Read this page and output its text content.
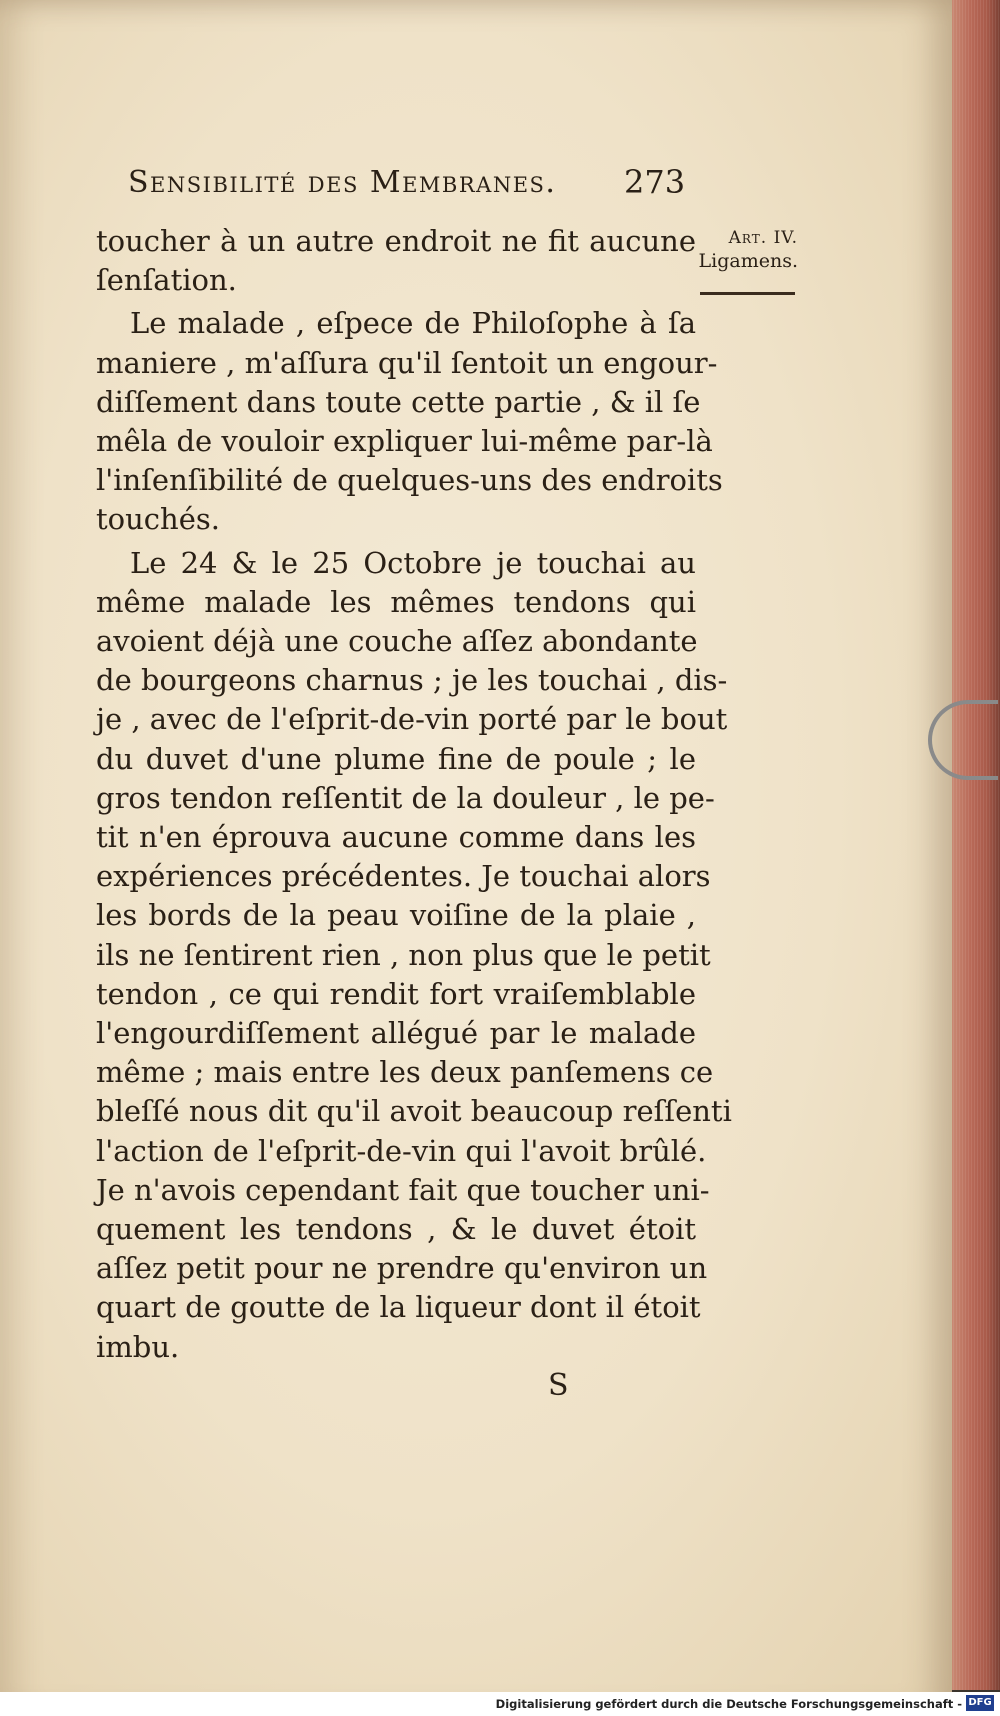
Sensibilité des Membranes.	273
Art. IV.
Ligamens.
toucher à un autre endroit ne fit aucune
ſenſation.
Le malade , eſpece de Philoſophe à ſa
maniere , m'aſſura qu'il ſentoit un engour-
diſſement dans toute cette partie , & il ſe
mêla de vouloir expliquer lui-même par-là
l'inſenſibilité de quelques-uns des endroits
touchés.
Le 24 & le 25 Octobre je touchai au
même malade les mêmes tendons qui
avoient déjà une couche aſſez abondante
de bourgeons charnus ; je les touchai , dis-
je , avec de l'eſprit-de-vin porté par le bout
du duvet d'une plume fine de poule ; le
gros tendon reſſentit de la douleur , le pe-
tit n'en éprouva aucune comme dans les
expériences précédentes. Je touchai alors
les bords de la peau voiſine de la plaie ,
ils ne ſentirent rien , non plus que le petit
tendon , ce qui rendit fort vraiſemblable
l'engourdiſſement allégué par le malade
même ; mais entre les deux panſemens ce
bleſſé nous dit qu'il avoit beaucoup reſſenti
l'action de l'eſprit-de-vin qui l'avoit brûlé.
Je n'avois cependant fait que toucher uni-
quement les tendons , & le duvet étoit
aſſez petit pour ne prendre qu'environ un
quart de goutte de la liqueur dont il étoit
imbu.
S
Digitalisierung gefördert durch die Deutsche Forschungsgemeinschaft - DFG
